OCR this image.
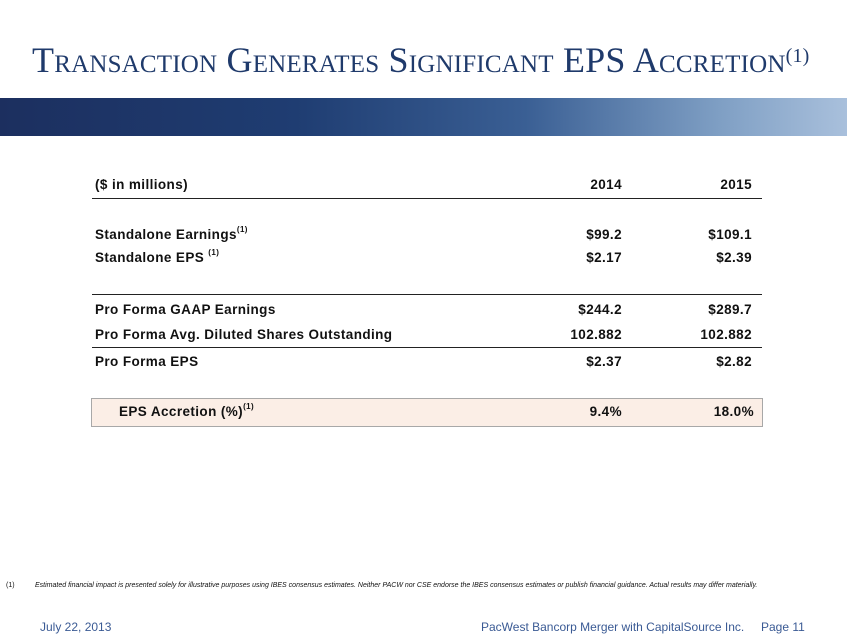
Transaction Generates Significant EPS Accretion$^{(1)}$
($ in millions)	2014	2015
Standalone Earnings$^{(1)}$	$99.2	$109.1
Standalone EPS $^{(1)}$	$2.17	$2.39
Pro Forma GAAP Earnings	$244.2	$289.7
Pro Forma Avg. Diluted Shares Outstanding	102.882	102.882
Pro Forma EPS	$2.37	$2.82
EPS Accretion (%)$^{(1)}$	9.4%	18.0%
(1)	Estimated financial impact is presented solely for illustrative purposes using IBES consensus estimates. Neither PACW nor CSE endorse the IBES consensus estimates or publish financial guidance. Actual results may differ materially.
July 22, 2013	PacWest Bancorp Merger with CapitalSource Inc. Page 11
